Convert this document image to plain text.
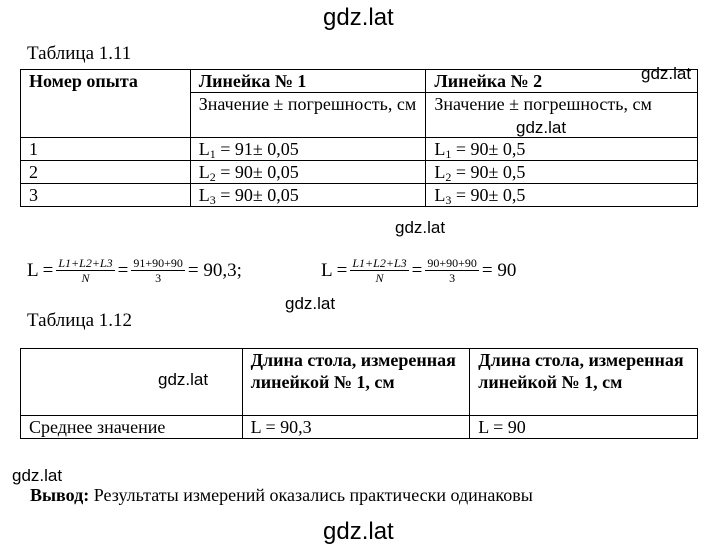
gdz.lat
gdz.lat
gdz.lat
gdz.lat
gdz.lat
gdz.lat
gdz.lat
gdz.lat
Таблица 1.11
Номер опыта	Линейка № 1	Линейка № 2
	Значение ± погрешность, см	Значение ± погрешность, см
1	$L_1 = 91\pm 0,05$	$L_1 = 90\pm 0,5$
2	$L_2 = 90\pm 0,05$	$L_2 = 90\pm 0,5$
3	$L_3 = 90\pm 0,05$	$L_3 = 90\pm 0,5$
$L = \frac{L1+L2+L3}{N} = \frac{91+90+90}{3} = 90,3$;	$L = \frac{L1+L2+L3}{N} = \frac{90+90+90}{3} = 90$
Таблица 1.12
	Длина стола, измеренная линейкой № 1, см	Длина стола, измеренная линейкой № 1, см
Среднее значение	L = 90,3	L = 90
Вывод: Результаты измерений оказались практически одинаковы
